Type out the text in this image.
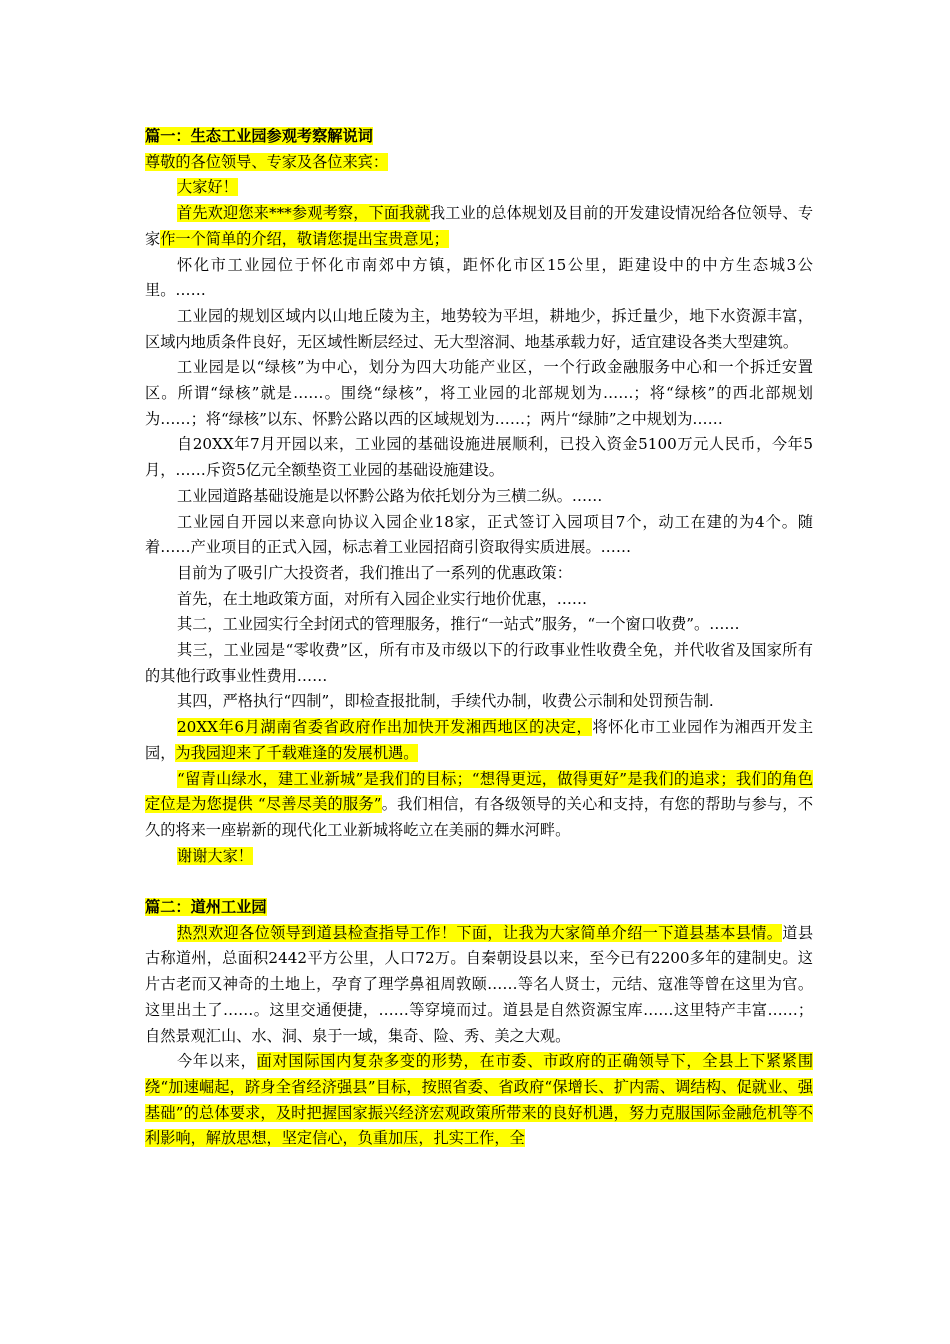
篇一：生态工业园参观考察解说词

尊敬的各位领导、专家及各位来宾：

大家好！

首先欢迎您来***参观考察，下面我就我工业的总体规划及目前的开发建设情况给各位领导、专家作一个简单的介绍，敬请您提出宝贵意见；

怀化市工业园位于怀化市南郊中方镇，距怀化市区15公里，距建设中的中方生态城3公里。……

工业园的规划区域内以山地丘陵为主，地势较为平坦，耕地少，拆迁量少，地下水资源丰富，区域内地质条件良好，无区域性断层经过、无大型溶洞、地基承载力好，适宜建设各类大型建筑。

工业园是以“绿核”为中心，划分为四大功能产业区，一个行政金融服务中心和一个拆迁安置区。所谓“绿核”就是……。围绕“绿核”，将工业园的北部规划为……；将“绿核”的西北部规划为……；将“绿核”以东、怀黔公路以西的区域规划为……；两片“绿肺”之中规划为……

自20XX年7月开园以来，工业园的基础设施进展顺利，已投入资金5100万元人民币，今年5月，……斥资5亿元全额垫资工业园的基础设施建设。

工业园道路基础设施是以怀黔公路为依托划分为三横二纵。……

工业园自开园以来意向协议入园企业18家，正式签订入园项目7个，动工在建的为4个。随着……产业项目的正式入园，标志着工业园招商引资取得实质进展。……

目前为了吸引广大投资者，我们推出了一系列的优惠政策：

首先，在土地政策方面，对所有入园企业实行地价优惠，……

其二，工业园实行全封闭式的管理服务，推行“一站式”服务，“一个窗口收费”。……

其三，工业园是“零收费”区，所有市及市级以下的行政事业性收费全免，并代收省及国家所有的其他行政事业性费用……

其四，严格执行“四制”，即检查报批制，手续代办制，收费公示制和处罚预告制.

20XX年6月湖南省委省政府作出加快开发湘西地区的决定，将怀化市工业园作为湘西开发主园，为我园迎来了千载难逢的发展机遇。

“留青山绿水，建工业新城”是我们的目标；“想得更远，做得更好”是我们的追求；我们的角色定位是为您提供 “尽善尽美的服务”。我们相信，有各级领导的关心和支持，有您的帮助与参与，不久的将来一座崭新的现代化工业新城将屹立在美丽的舞水河畔。

谢谢大家！

篇二：道州工业园

热烈欢迎各位领导到道县检查指导工作！下面，让我为大家简单介绍一下道县基本县情。道县古称道州，总面积2442平方公里，人口72万。自秦朝设县以来，至今已有2200多年的建制史。这片古老而又神奇的土地上，孕育了理学鼻祖周敦颐……等名人贤士，元结、寇准等曾在这里为官。这里出土了……。这里交通便捷，……等穿境而过。道县是自然资源宝库……这里特产丰富……；自然景观汇山、水、洞、泉于一域，集奇、险、秀、美之大观。

今年以来，面对国际国内复杂多变的形势，在市委、市政府的正确领导下，全县上下紧紧围绕“加速崛起，跻身全省经济强县”目标，按照省委、省政府“保增长、扩内需、调结构、促就业、强基础”的总体要求，及时把握国家振兴经济宏观政策所带来的良好机遇，努力克服国际金融危机等不利影响，解放思想，坚定信心，负重加压，扎实工作，全
